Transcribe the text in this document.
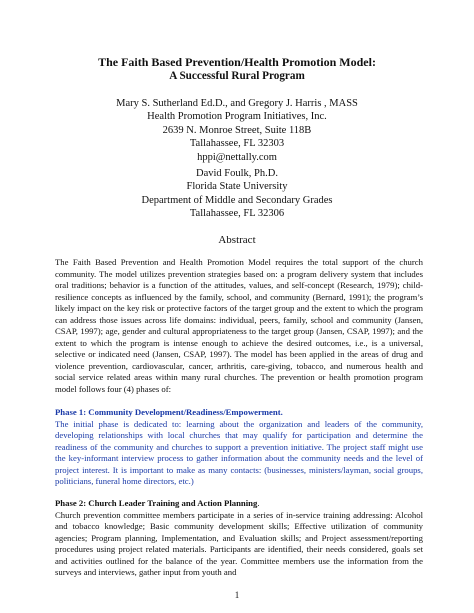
The Faith Based Prevention/Health Promotion Model:
A Successful Rural Program
Mary S. Sutherland Ed.D., and Gregory J. Harris , MASS
Health Promotion Program Initiatives, Inc.
2639 N. Monroe Street, Suite 118B
Tallahassee, FL 32303
hppi@nettally.com
David Foulk, Ph.D.
Florida State University
Department of Middle and Secondary Grades
Tallahassee, FL 32306
Abstract
The Faith Based Prevention and Health Promotion Model requires the total support of the church community. The model utilizes prevention strategies based on: a program delivery system that includes oral traditions; behavior is a function of the attitudes, values, and self-concept (Research, 1979); child-resilience concepts as influenced by the family, school, and community (Bernard, 1991); the program’s likely impact on the key risk or protective factors of the target group and the extent to which the program can address those issues across life domains: individual, peers, family, school and community (Jansen, CSAP, 1997); age, gender and cultural appropriateness to the target group (Jansen, CSAP, 1997); and the extent to which the program is intense enough to achieve the desired outcomes, i.e., is a universal, selective or indicated need (Jansen, CSAP, 1997). The model has been applied in the areas of drug and violence prevention, cardiovascular, cancer, arthritis, care-giving, tobacco, and numerous health and social service related areas within many rural churches. The prevention or health promotion program model follows four (4) phases of:
Phase 1: Community Development/Readiness/Empowerment.
The initial phase is dedicated to: learning about the organization and leaders of the community, developing relationships with local churches that may qualify for participation and determine the readiness of the community and churches to support a prevention initiative. The project staff might use the key-informant interview process to gather information about the community needs and the level of project interest. It is important to make as many contacts: (businesses, ministers/layman, social groups, politicians, funeral home directors, etc.)
Phase 2: Church Leader Training and Action Planning.
Church prevention committee members participate in a series of in-service training addressing: Alcohol and tobacco knowledge; Basic community development skills; Effective utilization of community agencies; Program planning, Implementation, and Evaluation skills; and Project assessment/reporting procedures using project related materials. Participants are identified, their needs considered, goals set and activities outlined for the balance of the year. Committee members use the information from the surveys and interviews, gather input from youth and
1
